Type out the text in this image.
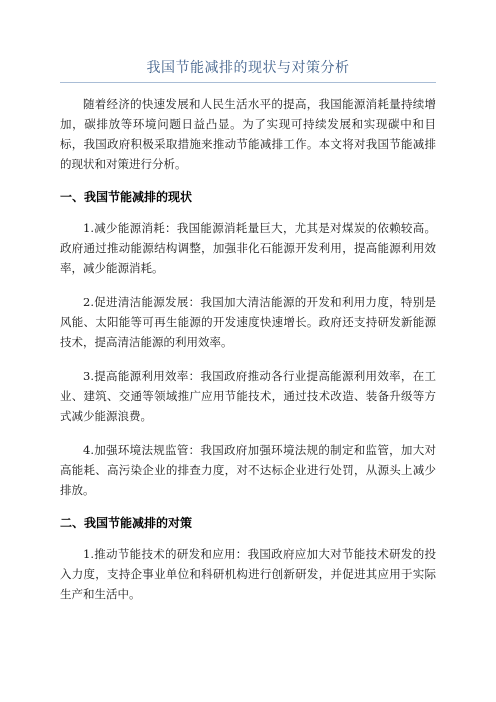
我国节能减排的现状与对策分析

随着经济的快速发展和人民生活水平的提高，我国能源消耗量持续增加，碳排放等环境问题日益凸显。为了实现可持续发展和实现碳中和目标，我国政府积极采取措施来推动节能减排工作。本文将对我国节能减排的现状和对策进行分析。

一、我国节能减排的现状

1.减少能源消耗：我国能源消耗量巨大，尤其是对煤炭的依赖较高。政府通过推动能源结构调整，加强非化石能源开发利用，提高能源利用效率，减少能源消耗。

2.促进清洁能源发展：我国加大清洁能源的开发和利用力度，特别是风能、太阳能等可再生能源的开发速度快速增长。政府还支持研发新能源技术，提高清洁能源的利用效率。

3.提高能源利用效率：我国政府推动各行业提高能源利用效率，在工业、建筑、交通等领域推广应用节能技术，通过技术改造、装备升级等方式减少能源浪费。

4.加强环境法规监管：我国政府加强环境法规的制定和监管，加大对高能耗、高污染企业的排查力度，对不达标企业进行处罚，从源头上减少排放。

二、我国节能减排的对策

1.推动节能技术的研发和应用：我国政府应加大对节能技术研发的投入力度，支持企事业单位和科研机构进行创新研发，并促进其应用于实际生产和生活中。
